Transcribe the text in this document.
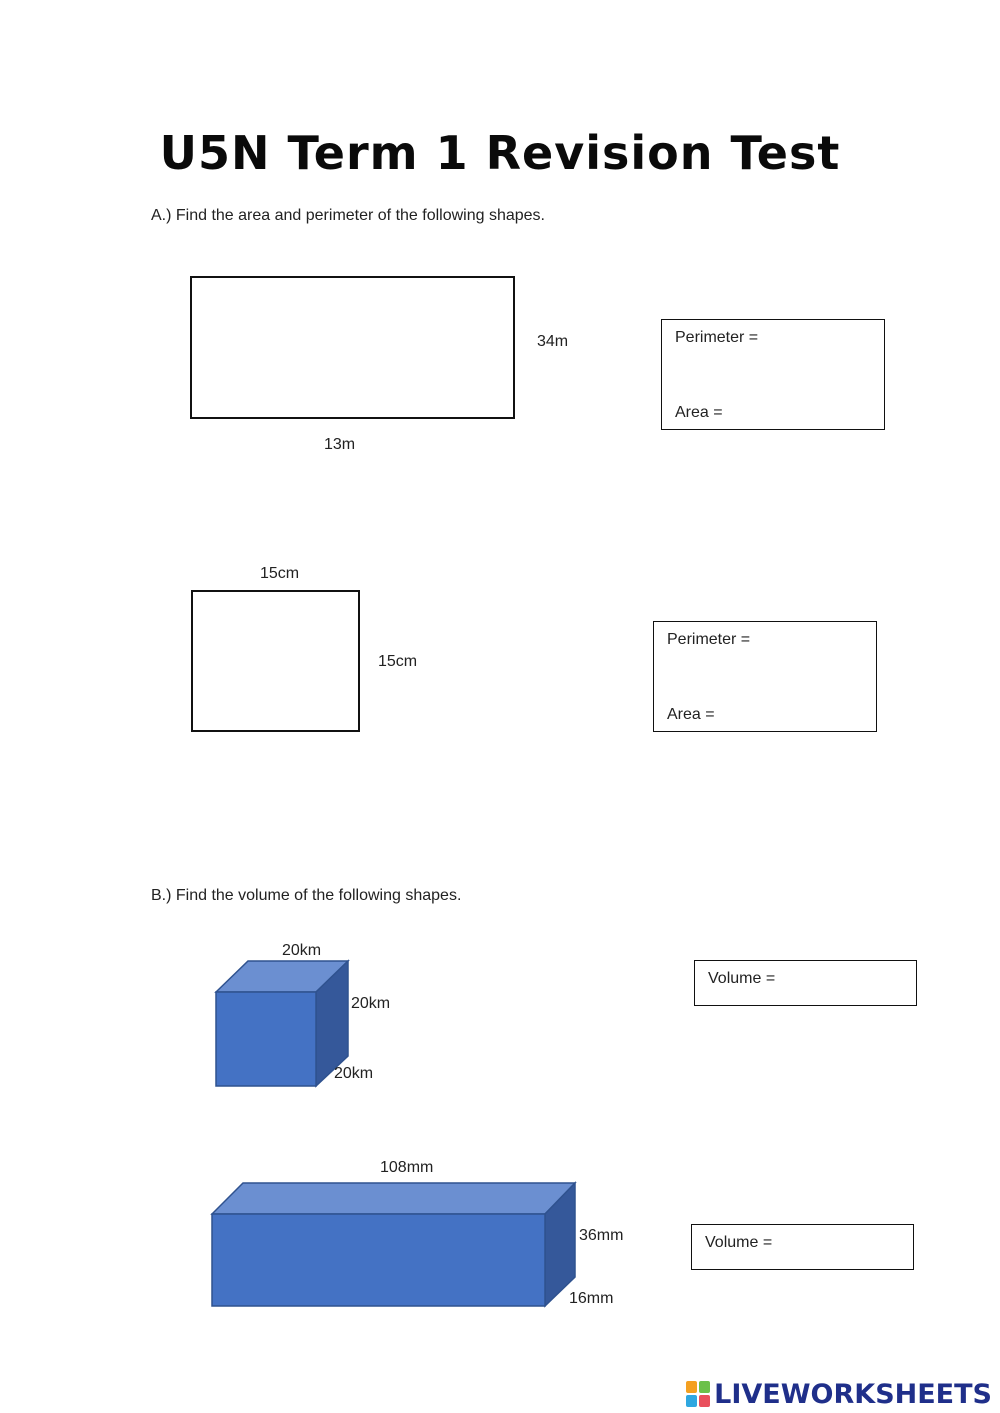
U5N Term 1 Revision Test
A.) Find the area and perimeter of the following shapes.
13m
34m	Perimeter =
Area =
15cm
15cm
Perimeter =
Area =
B.) Find the volume of the following shapes.
20km
20km
20km
Volume =
108mm
36mm
16mm
Volume =
LIVEWORKSHEETS
